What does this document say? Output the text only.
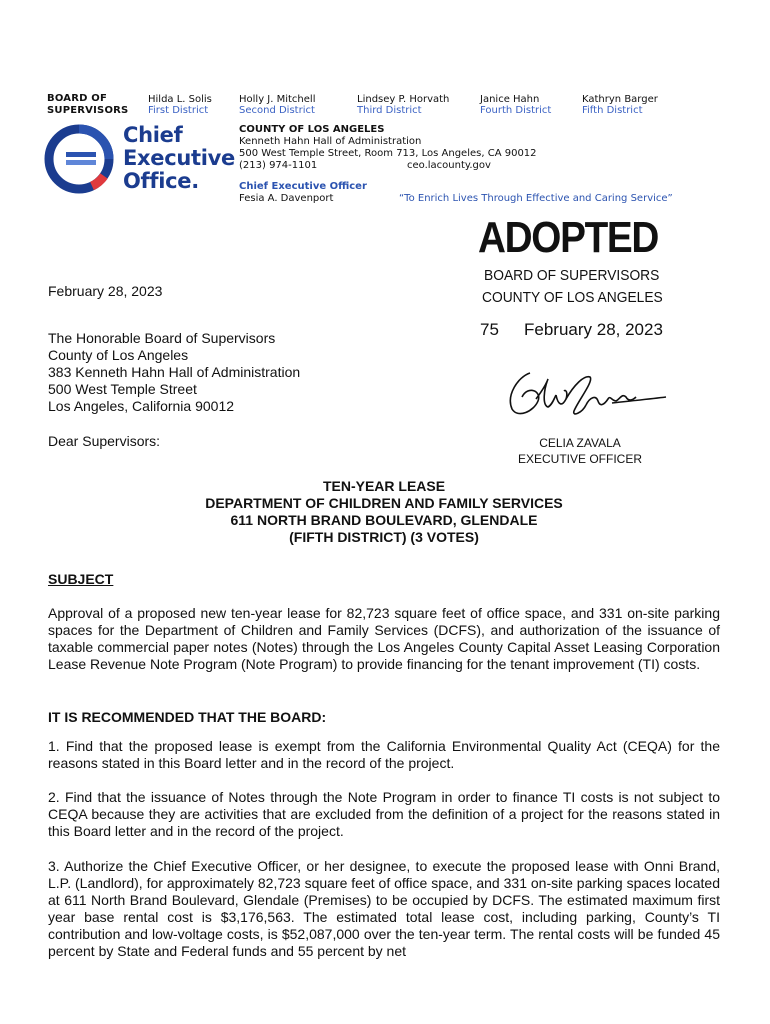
BOARD OF
SUPERVISORS
Hilda L. Solis
First District
Holly J. Mitchell
Second District
Lindsey P. Horvath
Third District
Janice Hahn
Fourth District
Kathryn Barger
Fifth District
Chief
Executive
Office.
COUNTY OF LOS ANGELES
Kenneth Hahn Hall of Administration
500 West Temple Street, Room 713, Los Angeles, CA 90012
(213) 974-1101	ceo.lacounty.gov
Chief Executive Officer
Fesia A. Davenport	“To Enrich Lives Through Effective and Caring Service”
ADOPTED
BOARD OF SUPERVISORS
COUNTY OF LOS ANGELES
75 February 28, 2023
CELIA ZAVALA
EXECUTIVE OFFICER
February 28, 2023
The Honorable Board of Supervisors
County of Los Angeles
383 Kenneth Hahn Hall of Administration
500 West Temple Street
Los Angeles, California 90012
Dear Supervisors:
TEN-YEAR LEASE
DEPARTMENT OF CHILDREN AND FAMILY SERVICES
611 NORTH BRAND BOULEVARD, GLENDALE
(FIFTH DISTRICT) (3 VOTES)
SUBJECT
Approval of a proposed new ten-year lease for 82,723 square feet of office space, and 331 on-site parking spaces for the Department of Children and Family Services (DCFS), and authorization of the issuance of taxable commercial paper notes (Notes) through the Los Angeles County Capital Asset Leasing Corporation Lease Revenue Note Program (Note Program) to provide financing for the tenant improvement (TI) costs.
IT IS RECOMMENDED THAT THE BOARD:
1. Find that the proposed lease is exempt from the California Environmental Quality Act (CEQA) for the reasons stated in this Board letter and in the record of the project.
2. Find that the issuance of Notes through the Note Program in order to finance TI costs is not subject to CEQA because they are activities that are excluded from the definition of a project for the reasons stated in this Board letter and in the record of the project.
3. Authorize the Chief Executive Officer, or her designee, to execute the proposed lease with Onni Brand, L.P. (Landlord), for approximately 82,723 square feet of office space, and 331 on-site parking spaces located at 611 North Brand Boulevard, Glendale (Premises) to be occupied by DCFS. The estimated maximum first year base rental cost is $3,176,563. The estimated total lease cost, including parking, County’s TI contribution and low-voltage costs, is $52,087,000 over the ten-year term. The rental costs will be funded 45 percent by State and Federal funds and 55 percent by net
